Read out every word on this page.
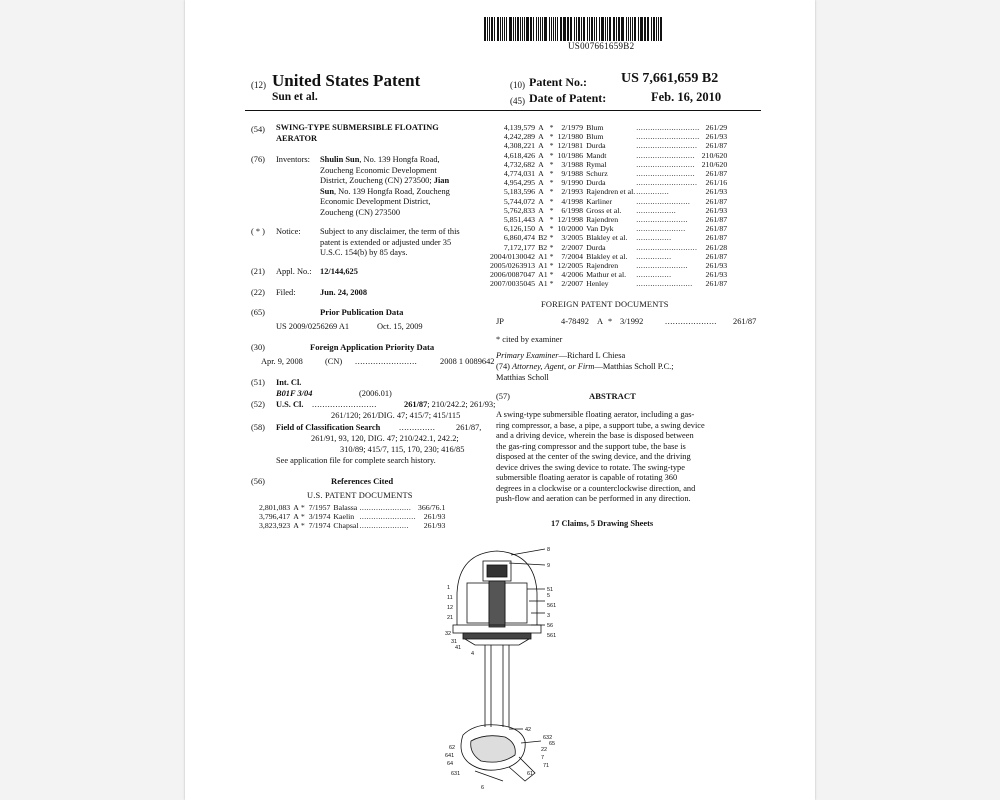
US007661659B2
(12) United States Patent
Sun et al.
(10) Patent No.: US 7,661,659 B2
(45) Date of Patent:	Feb. 16, 2010
(54) SWING-TYPE SUBMERSIBLE FLOATING
AERATOR
(76) Inventors: Shulin Sun, No. 139 Hongfa Road,
Zoucheng Economic Development
District, Zoucheng (CN) 273500; Jian
Sun, No. 139 Hongfa Road, Zoucheng
Economic Development District,
Zoucheng (CN) 273500
( * ) Notice: Subject to any disclaimer, the term of this
patent is extended or adjusted under 35
U.S.C. 154(b) by 85 days.
(21) Appl. No.: 12/144,625
(22) Filed:	Jun. 24, 2008
(65)	Prior Publication Data
US 2009/0256269 A1	Oct. 15, 2009
(30)	Foreign Application Priority Data
Apr. 9, 2008	(CN) ........................	2008 1 0089642
(51) Int. Cl.
B01F 3/04	(2006.01)
(52) U.S. Cl. .........................	261/87; 210/242.2; 261/93;
261/120; 261/DIG. 47; 415/7; 415/115
(58) Field of Classification Search .............. 261/87,
261/91, 93, 120, DIG. 47; 210/242.1, 242.2;
310/89; 415/7, 115, 170, 230; 416/85
See application file for complete search history.
(56)	References Cited
U.S. PATENT DOCUMENTS
2,801,083	A	*	7/1957	Balassa	......................	366/76.1
3,796,417	A	*	3/1974	Kaelin	........................	261/93
3,823,923	A	*	7/1974	Chapsal	.....................	261/93
4,139,579	A	*	2/1979	Blum	...........................	261/29
4,242,289	A	*	12/1980	Blum	...........................	261/93
4,308,221	A	*	12/1981	Durda	..........................	261/87
4,618,426	A	*	10/1986	Mandt	.........................	210/620
4,732,682	A	*	3/1988	Rymal	.........................	210/620
4,774,031	A	*	9/1988	Schurz	.........................	261/87
4,954,295	A	*	9/1990	Durda	..........................	261/16
5,183,596	A	*	2/1993	Rajendren et al.	..............	261/93
5,744,072	A	*	4/1998	Karliner	.......................	261/87
5,762,833	A	*	6/1998	Gross et al.	.................	261/93
5,851,443	A	*	12/1998	Rajendren	......................	261/87
6,126,150	A	*	10/2000	Van Dyk	.....................	261/87
6,860,474	B2	*	3/2005	Blakley et al.	...............	261/87
7,172,177	B2	*	2/2007	Durda	..........................	261/28
2004/0130042	A1	*	7/2004	Blakley et al.	...............	261/87
2005/0263913	A1	*	12/2005	Rajendren	......................	261/93
2006/0087047	A1	*	4/2006	Mathur et al.	...............	261/93
2007/0035045	A1	*	2/2007	Henley	........................	261/87
FOREIGN PATENT DOCUMENTS
JP	4-78492 A * 3/1992	.................... 261/87
* cited by examiner
Primary Examiner—Richard L Chiesa
(74) Attorney, Agent, or Firm—Matthias Scholl P.C.;
Matthias Scholl
(57)	ABSTRACT
A swing-type submersible floating aerator, including a gas-
ring compressor, a base, a pipe, a support tube, a swing device
and a driving device, wherein the base is disposed between
the gas-ring compressor and the support tube, the base is
disposed at the center of the swing device, and the driving
device drives the swing device to rotate. The swing-type
submersible floating aerator is capable of rotating 360
degrees in a clockwise or a counterclockwise direction, and
push-flow and aeration can be performed in any direction.
17 Claims, 5 Drawing Sheets
8
9
1
11
12
21
32
31
41
4
51
5
561
3
56
561
42
632
65
22
7
71
61
62
641
64
631
6
